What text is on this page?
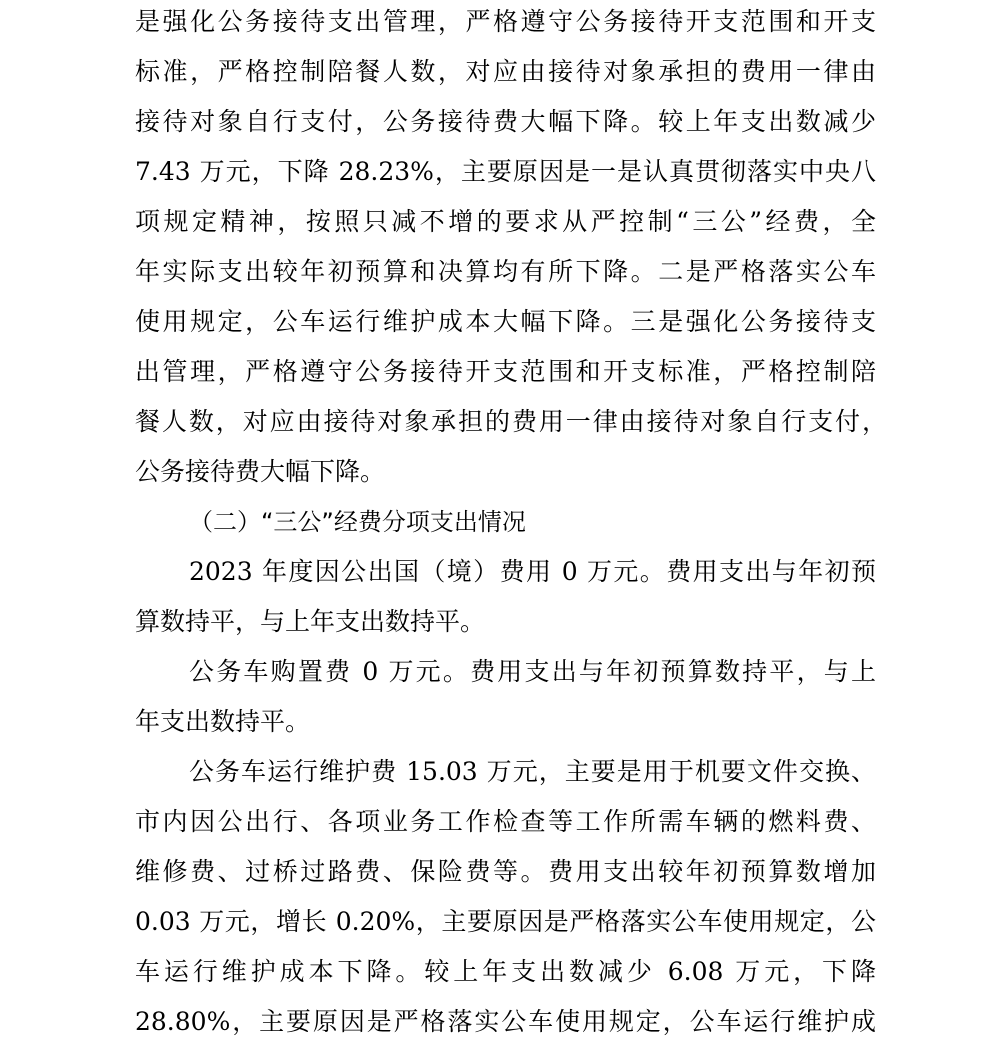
是强化公务接待支出管理，严格遵守公务接待开支范围和开支
标准，严格控制陪餐人数，对应由接待对象承担的费用一律由
接待对象自行支付，公务接待费大幅下降。较上年支出数减少
7.43 万元，下降 28.23%，主要原因是一是认真贯彻落实中央八
项规定精神，按照只减不增的要求从严控制“三公”经费，全
年实际支出较年初预算和决算均有所下降。二是严格落实公车
使用规定，公车运行维护成本大幅下降。三是强化公务接待支
出管理，严格遵守公务接待开支范围和开支标准，严格控制陪
餐人数，对应由接待对象承担的费用一律由接待对象自行支付，
公务接待费大幅下降。
（二）“三公”经费分项支出情况
2023 年度因公出国（境）费用 0 万元。费用支出与年初预
算数持平，与上年支出数持平。
公务车购置费 0 万元。费用支出与年初预算数持平，与上
年支出数持平。
公务车运行维护费 15.03 万元，主要是用于机要文件交换、
市内因公出行、各项业务工作检查等工作所需车辆的燃料费、
维修费、过桥过路费、保险费等。费用支出较年初预算数增加
0.03 万元，增长 0.20%，主要原因是严格落实公车使用规定，公
车运行维护成本下降。较上年支出数减少 6.08 万元，下降
28.80%，主要原因是严格落实公车使用规定，公车运行维护成
